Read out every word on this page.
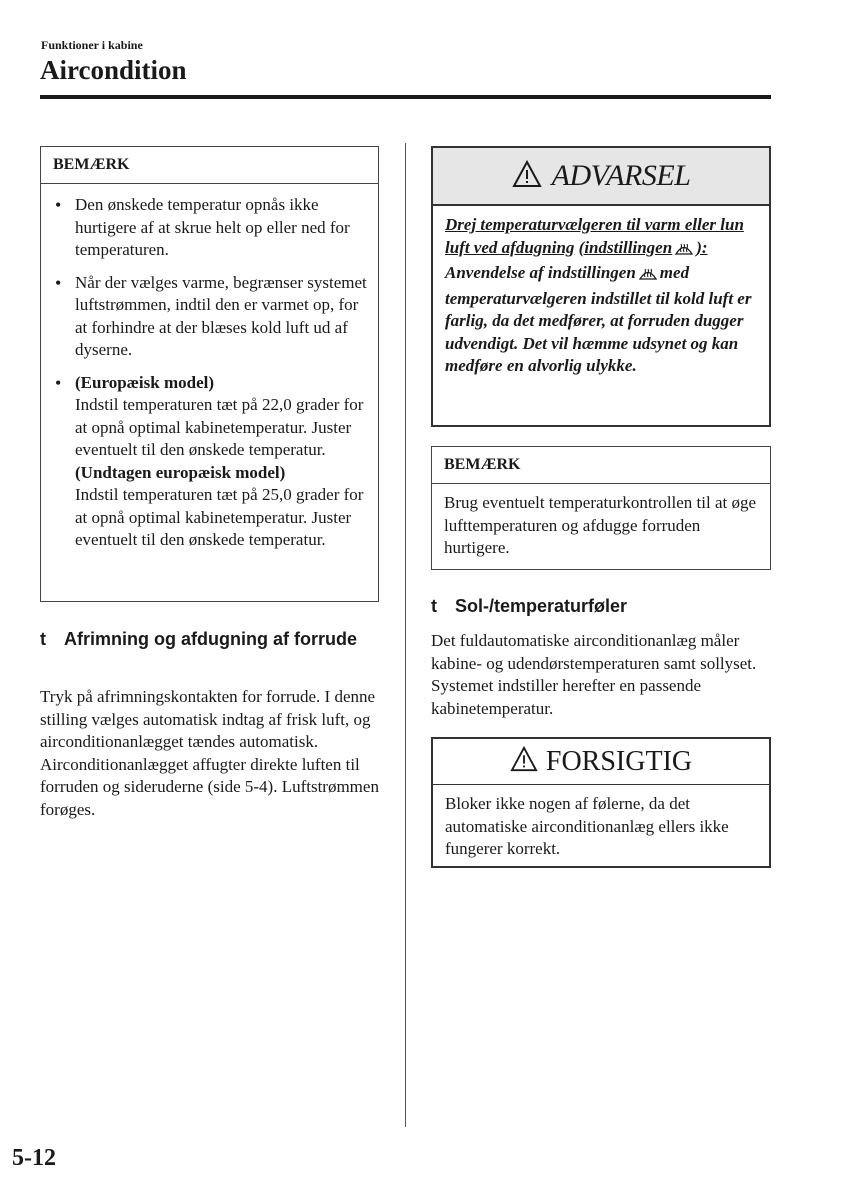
Funktioner i kabine
Aircondition
BEMÆRK
• Den ønskede temperatur opnås ikke hurtigere af at skrue helt op eller ned for temperaturen.
• Når der vælges varme, begrænser systemet luftstrømmen, indtil den er varmet op, for at forhindre at der blæses kold luft ud af dyserne.
• (Europæisk model)
Indstil temperaturen tæt på 22,0 grader for at opnå optimal kabinetemperatur. Juster eventuelt til den ønskede temperatur.
(Undtagen europæisk model)
Indstil temperaturen tæt på 25,0 grader for at opnå optimal kabinetemperatur. Juster eventuelt til den ønskede temperatur.
t Afrimning og afdugning af forrude
Tryk på afrimningskontakten for forrude. I denne stilling vælges automatisk indtag af frisk luft, og airconditionanlægget tændes automatisk. Airconditionanlægget affugter direkte luften til forruden og sideruderne (side 5-4). Luftstrømmen forøges.
ADVARSEL
Drej temperaturvælgeren til varm eller lun luft ved afdugning (indstillingen ):
Anvendelse af indstillingen med temperaturvælgeren indstillet til kold luft er farlig, da det medfører, at forruden dugger udvendigt. Det vil hæmme udsynet og kan medføre en alvorlig ulykke.
BEMÆRK
Brug eventuelt temperaturkontrollen til at øge lufttemperaturen og afdugge forruden hurtigere.
t Sol-/temperaturføler
Det fuldautomatiske airconditionanlæg måler kabine- og udendørstemperaturen samt sollyset. Systemet indstiller herefter en passende kabinetemperatur.
FORSIGTIG
Bloker ikke nogen af følerne, da det automatiske airconditionanlæg ellers ikke fungerer korrekt.
5-12
